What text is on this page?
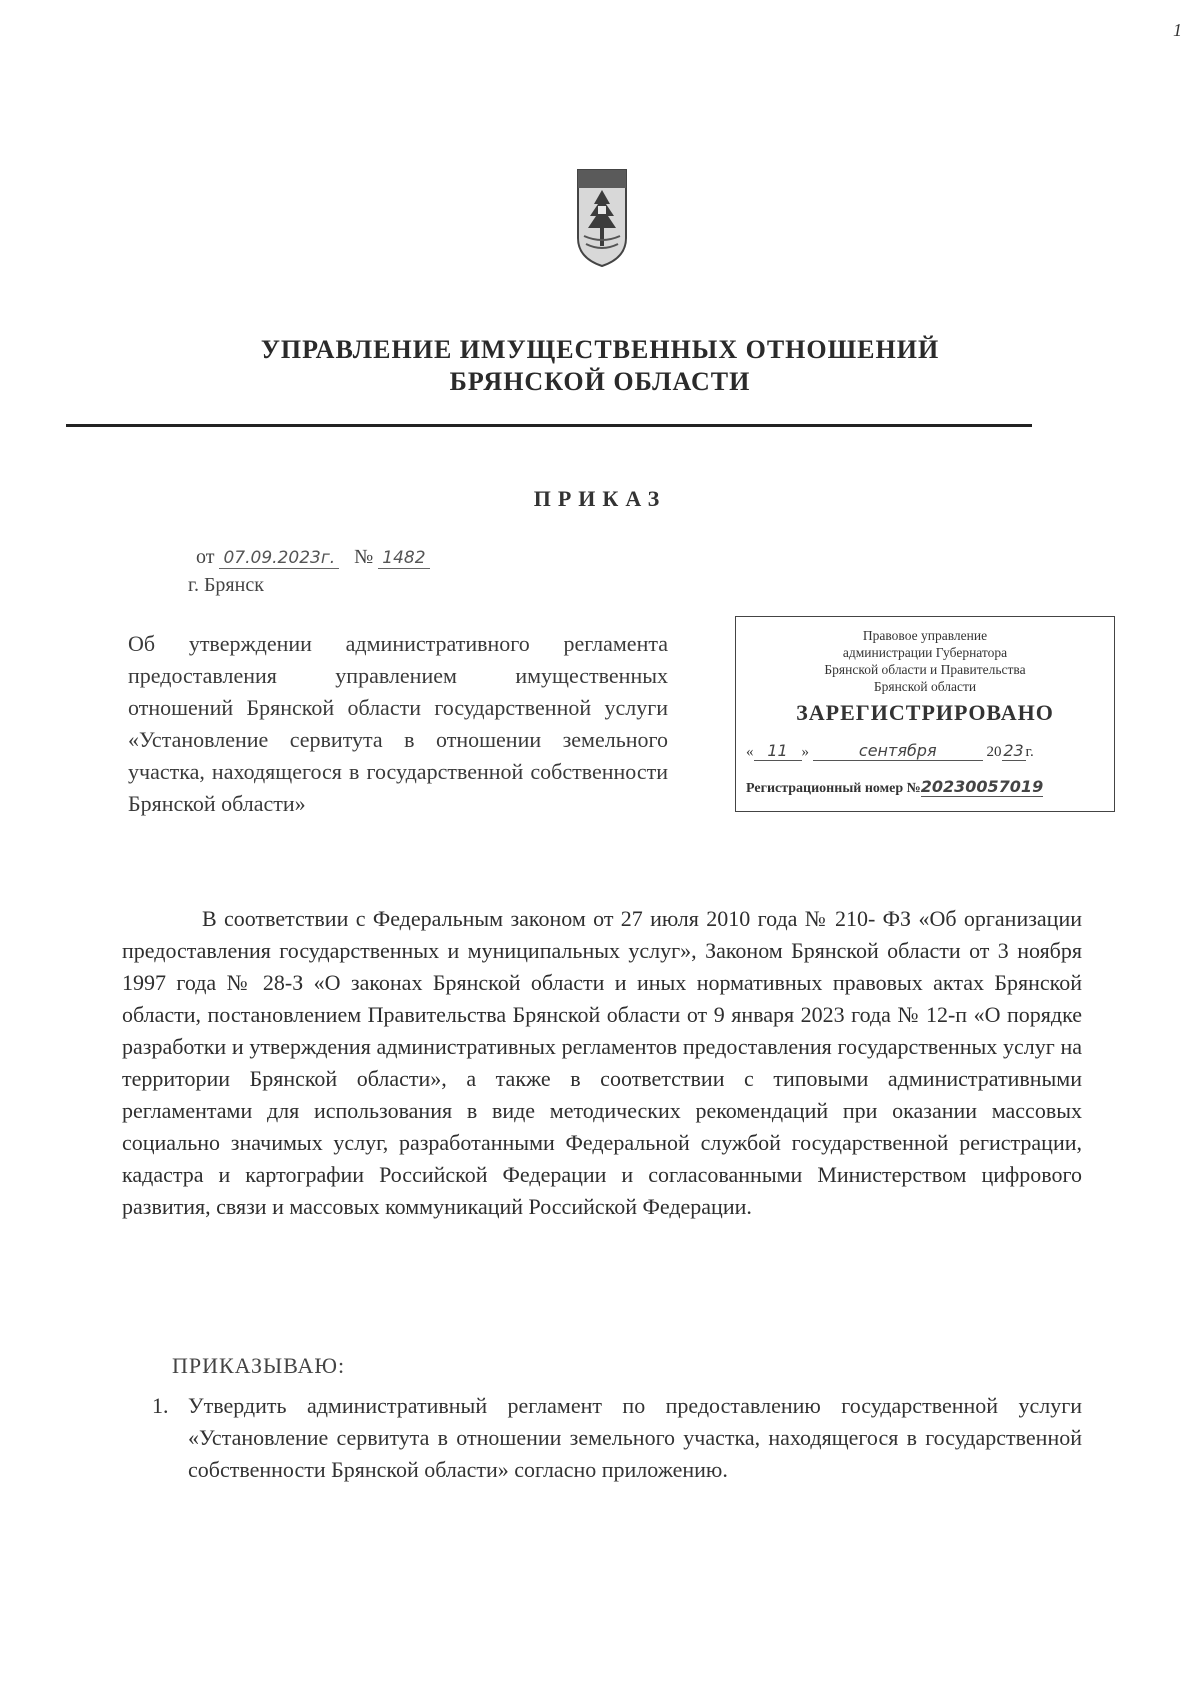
1
УПРАВЛЕНИЕ ИМУЩЕСТВЕННЫХ ОТНОШЕНИЙ
БРЯНСКОЙ ОБЛАСТИ
ПРИКАЗ
от 07.09.2023г. № 1482
г. Брянск
Об утверждении административного регламента предоставления управлением имущественных отношений Брянской области государственной услуги «Установление сервитута в отношении земельного участка, находящегося в государственной собственности
Брянской области»
Правовое управление
администрации Губернатора
Брянской области и Правительства
Брянской области
ЗАРЕГИСТРИРОВАНО
« 11 »	сентября	20 23 г.
Регистрационный номер №20230057019
В соответствии с Федеральным законом от 27 июля 2010 года № 210- ФЗ «Об организации предоставления государственных и муниципальных услуг», Законом Брянской области от 3 ноября 1997 года № 28-З «О законах Брянской области и иных нормативных правовых актах Брянской области, постановлением Правительства Брянской области от 9 января 2023 года № 12-п «О порядке разработки и утверждения административных регламентов предоставления государственных услуг на территории Брянской области», а также в соответствии с типовыми административными регламентами для использования в виде методических рекомендаций при оказании массовых социально значимых услуг, разработанными Федеральной службой государственной регистрации, кадастра и картографии Российской Федерации и согласованными Министерством цифрового развития, связи и массовых коммуникаций Российской Федерации.
ПРИКАЗЫВАЮ:
1. Утвердить административный регламент по предоставлению государственной услуги «Установление сервитута в отношении земельного участка, находящегося в государственной собственности Брянской области» согласно приложению.
